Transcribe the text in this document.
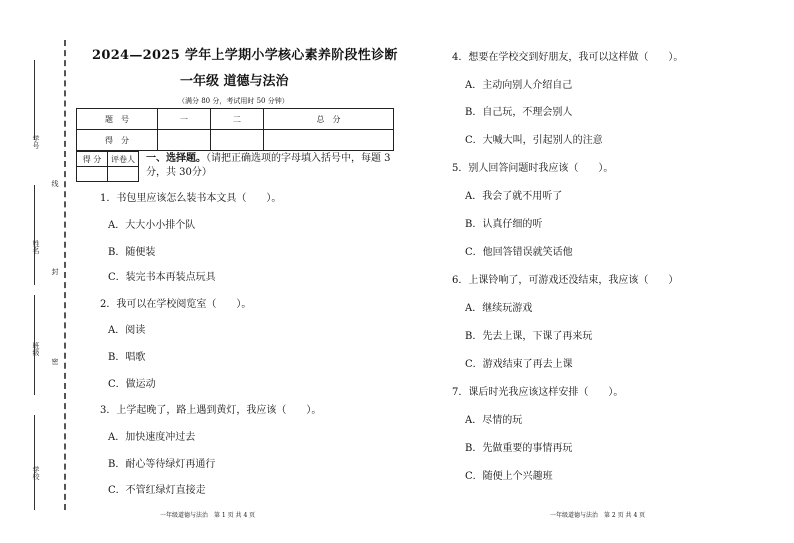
学号
姓名
班级
学校
线
封
密
2024—2025 学年上学期小学核心素养阶段性诊断
一年级 道德与法治
（满分 80 分，考试用时 50 分钟）
题　号	一	二	总　分
得　分			
得 分	评卷人
	一、选择题。（请把正确选项的字母填入括号中，每题 3分，共 30分）
1．书包里应该怎么装书本文具（　　）。
A．大大小小排个队
B．随便装
C．装完书本再装点玩具
2．我可以在学校阅览室（　　）。
A．阅读
B．唱歌
C．做运动
3．上学起晚了，路上遇到黄灯，我应该（　　）。
A．加快速度冲过去
B．耐心等待绿灯再通行
C．不管红绿灯直接走
4．想要在学校交到好朋友，我可以这样做（　　）。
A．主动向别人介绍自己
B．自己玩，不理会别人
C．大喊大叫，引起别人的注意
5．别人回答问题时我应该（　　）。
A．我会了就不用听了
B．认真仔细的听
C．他回答错误就笑话他
6．上课铃响了，可游戏还没结束，我应该（　　）
A．继续玩游戏
B．先去上课，下课了再来玩
C．游戏结束了再去上课
7．课后时光我应该这样安排（　　）。
A．尽情的玩
B．先做重要的事情再玩
C．随便上个兴趣班
一年级道德与法治　第 1 页 共 4 页	一年级道德与法治　第 2 页 共 4 页
